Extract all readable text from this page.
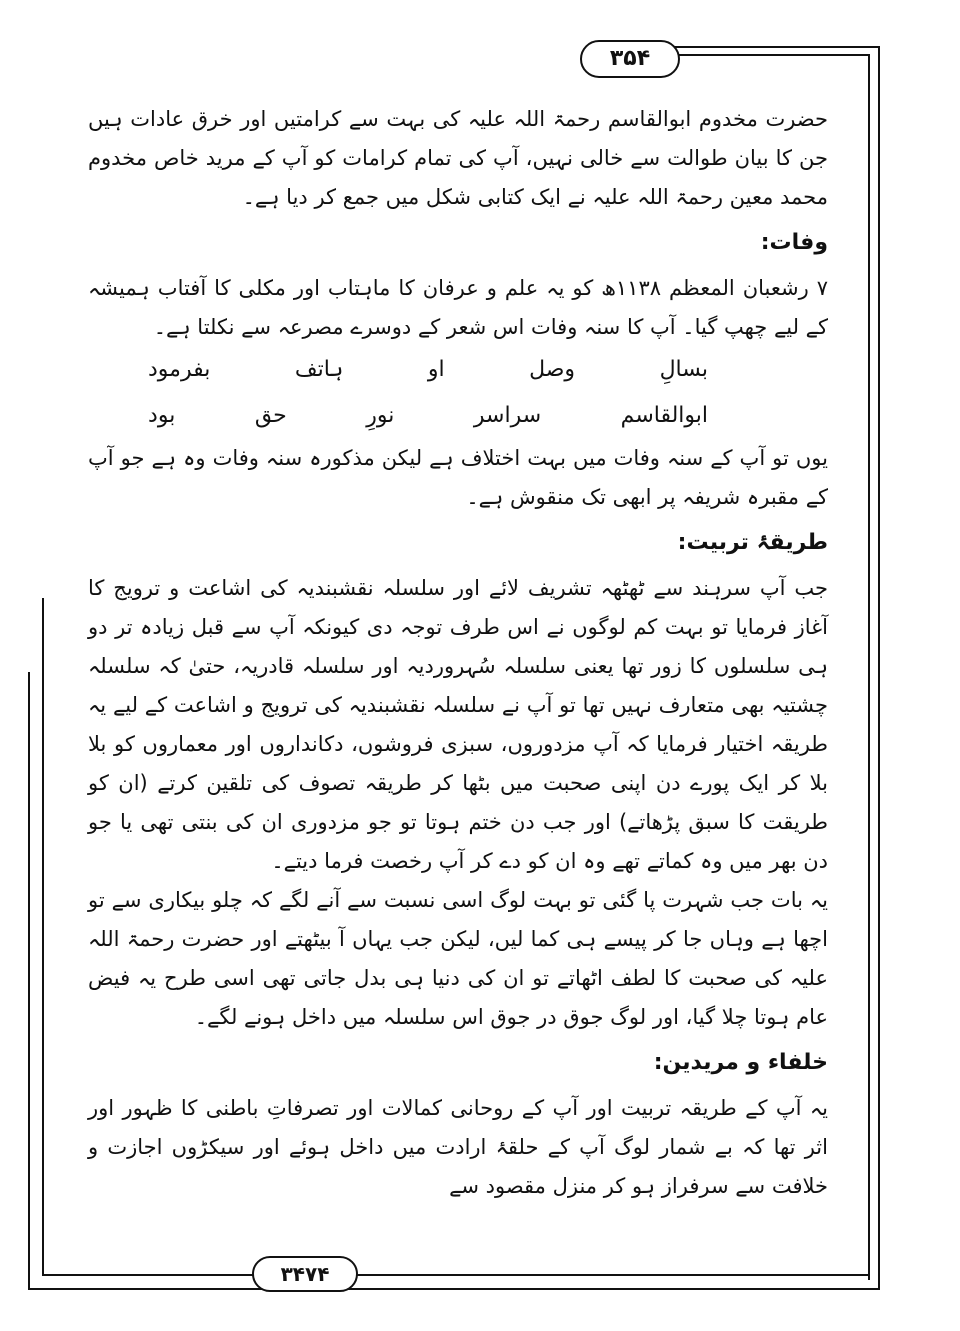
۳۵۴
۳۴۷۴

حضرت مخدوم ابوالقاسم رحمۃ اللہ علیہ کی بہت سے کرامتیں اور خرق عادات ہیں جن کا بیان طوالت سے خالی نہیں، آپ کی تمام کرامات کو آپ کے مرید خاص مخدوم محمد معین رحمۃ اللہ علیہ نے ایک کتابی شکل میں جمع کر دیا ہے۔

وفات:

۷ رشعبان المعظم ۱۱۳۸ھ کو یہ علم و عرفان کا ماہتاب اور مکلی کا آفتاب ہمیشہ کے لیے چھپ گیا۔ آپ کا سنہ وفات اس شعر کے دوسرے مصرعہ سے نکلتا ہے۔

بسالِ
وصل
او
ہاتف
بفرمود
ابوالقاسم
سراسر
نورِ
حق
بود

یوں تو آپ کے سنہ وفات میں بہت اختلاف ہے لیکن مذکورہ سنہ وفات وہ ہے جو آپ کے مقبرہ شریفہ پر ابھی تک منقوش ہے۔

طریقۂ تربیت:

جب آپ سرہند سے ٹھٹھہ تشریف لائے اور سلسلہ نقشبندیہ کی اشاعت و ترویج کا آغاز فرمایا تو بہت کم لوگوں نے اس طرف توجہ دی کیونکہ آپ سے قبل زیادہ تر دو ہی سلسلوں کا زور تھا یعنی سلسلہ سُہروردیہ اور سلسلہ قادریہ، حتیٰ کہ سلسلہ چشتیہ بھی متعارف نہیں تھا تو آپ نے سلسلہ نقشبندیہ کی ترویج و اشاعت کے لیے یہ طریقہ اختیار فرمایا کہ آپ مزدوروں، سبزی فروشوں، دکانداروں اور معماروں کو بلا بلا کر ایک پورے دن اپنی صحبت میں بٹھا کر طریقہ تصوف کی تلقین کرتے (ان کو طریقت کا سبق پڑھاتے) اور جب دن ختم ہوتا تو جو مزدوری ان کی بنتی تھی یا جو دن بھر میں وہ کماتے تھے وہ ان کو دے کر آپ رخصت فرما دیتے۔

یہ بات جب شہرت پا گئی تو بہت لوگ اسی نسبت سے آنے لگے کہ چلو بیکاری سے تو اچھا ہے وہاں جا کر پیسے ہی کما لیں، لیکن جب یہاں آ بیٹھتے اور حضرت رحمۃ اللہ علیہ کی صحبت کا لطف اٹھاتے تو ان کی دنیا ہی بدل جاتی تھی اسی طرح یہ فیض عام ہوتا چلا گیا، اور لوگ جوق در جوق اس سلسلہ میں داخل ہونے لگے۔

خلفاء و مریدین:

یہ آپ کے طریقہ تربیت اور آپ کے روحانی کمالات اور تصرفاتِ باطنی کا ظہور اور اثر تھا کہ بے شمار لوگ آپ کے حلقۂ ارادت میں داخل ہوئے اور سیکڑوں اجازت و خلافت سے سرفراز ہو کر منزل مقصود سے
